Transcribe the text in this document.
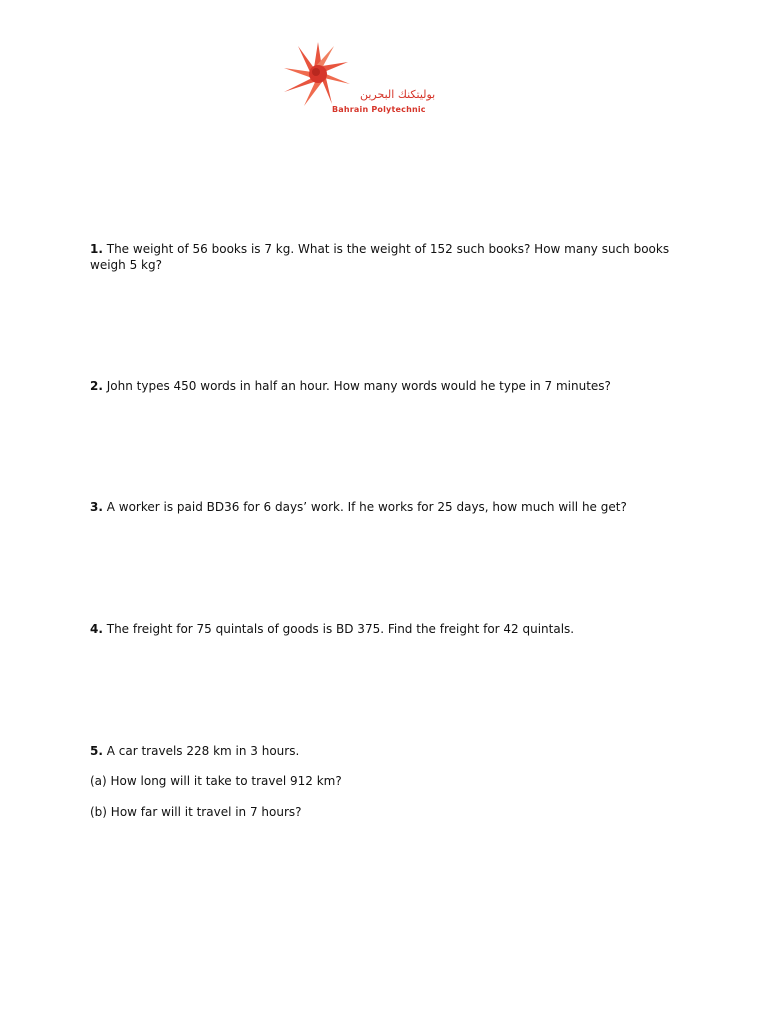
بوليتكنك البحرين
Bahrain Polytechnic

1. The weight of 56 books is 7 kg. What is the weight of 152 such books? How many such books weigh 5 kg?

2. John types 450 words in half an hour. How many words would he type in 7 minutes?

3. A worker is paid BD36 for 6 days’ work. If he works for 25 days, how much will he get?

4. The freight for 75 quintals of goods is BD 375. Find the freight for 42 quintals.

5. A car travels 228 km in 3 hours.

(a) How long will it take to travel 912 km?

(b) How far will it travel in 7 hours?
